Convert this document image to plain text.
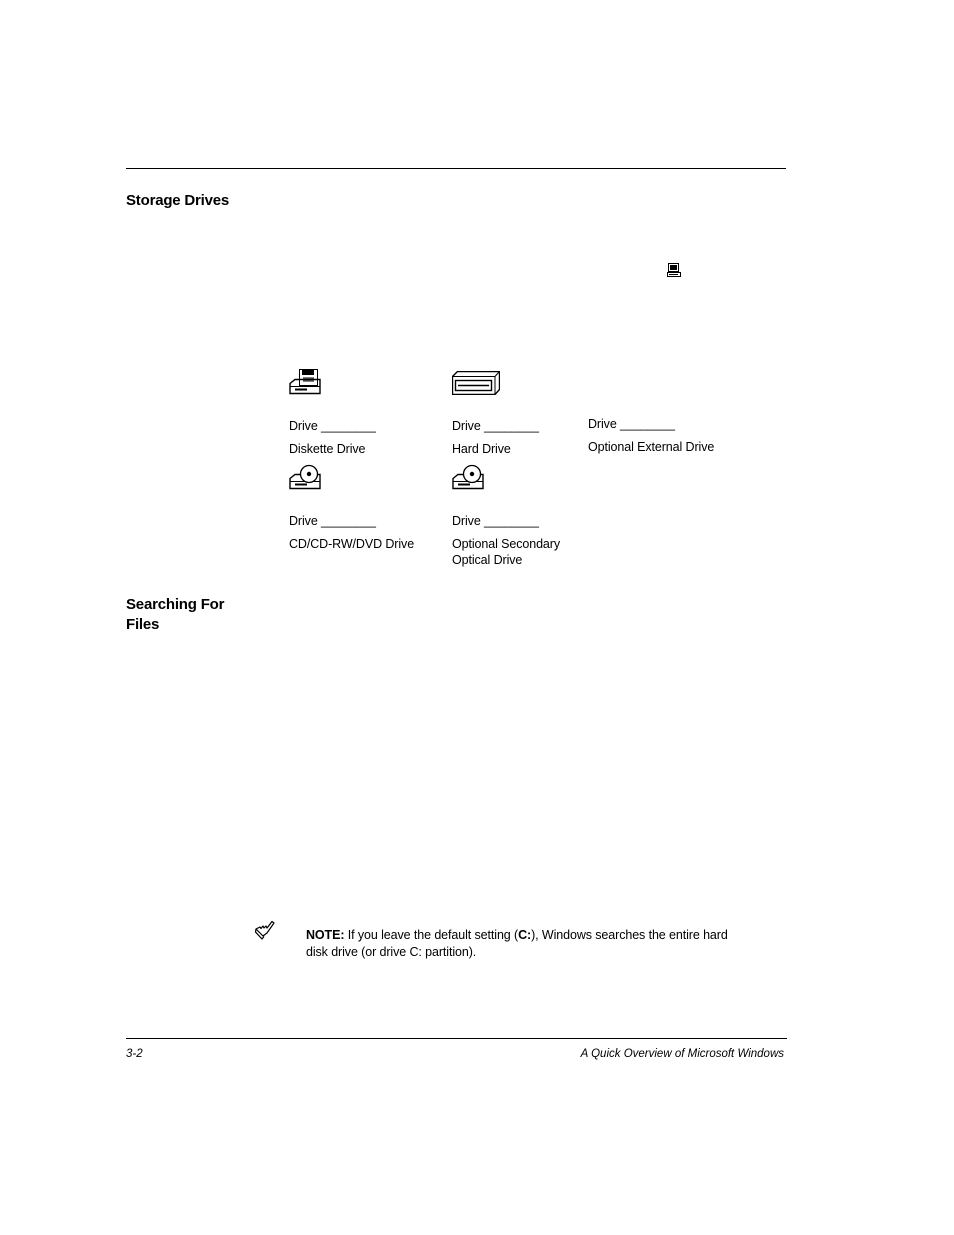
Storage Drives
Drive ________
Diskette Drive
Drive ________
Hard Drive
Drive ________
Optional External Drive
Drive ________
CD/CD-RW/DVD Drive
Drive ________
Optional Secondary
Optical Drive
Searching For Files
NOTE: If you leave the default setting (C:), Windows searches the entire hard disk drive (or drive C: partition).
3-2	A Quick Overview of Microsoft Windows
